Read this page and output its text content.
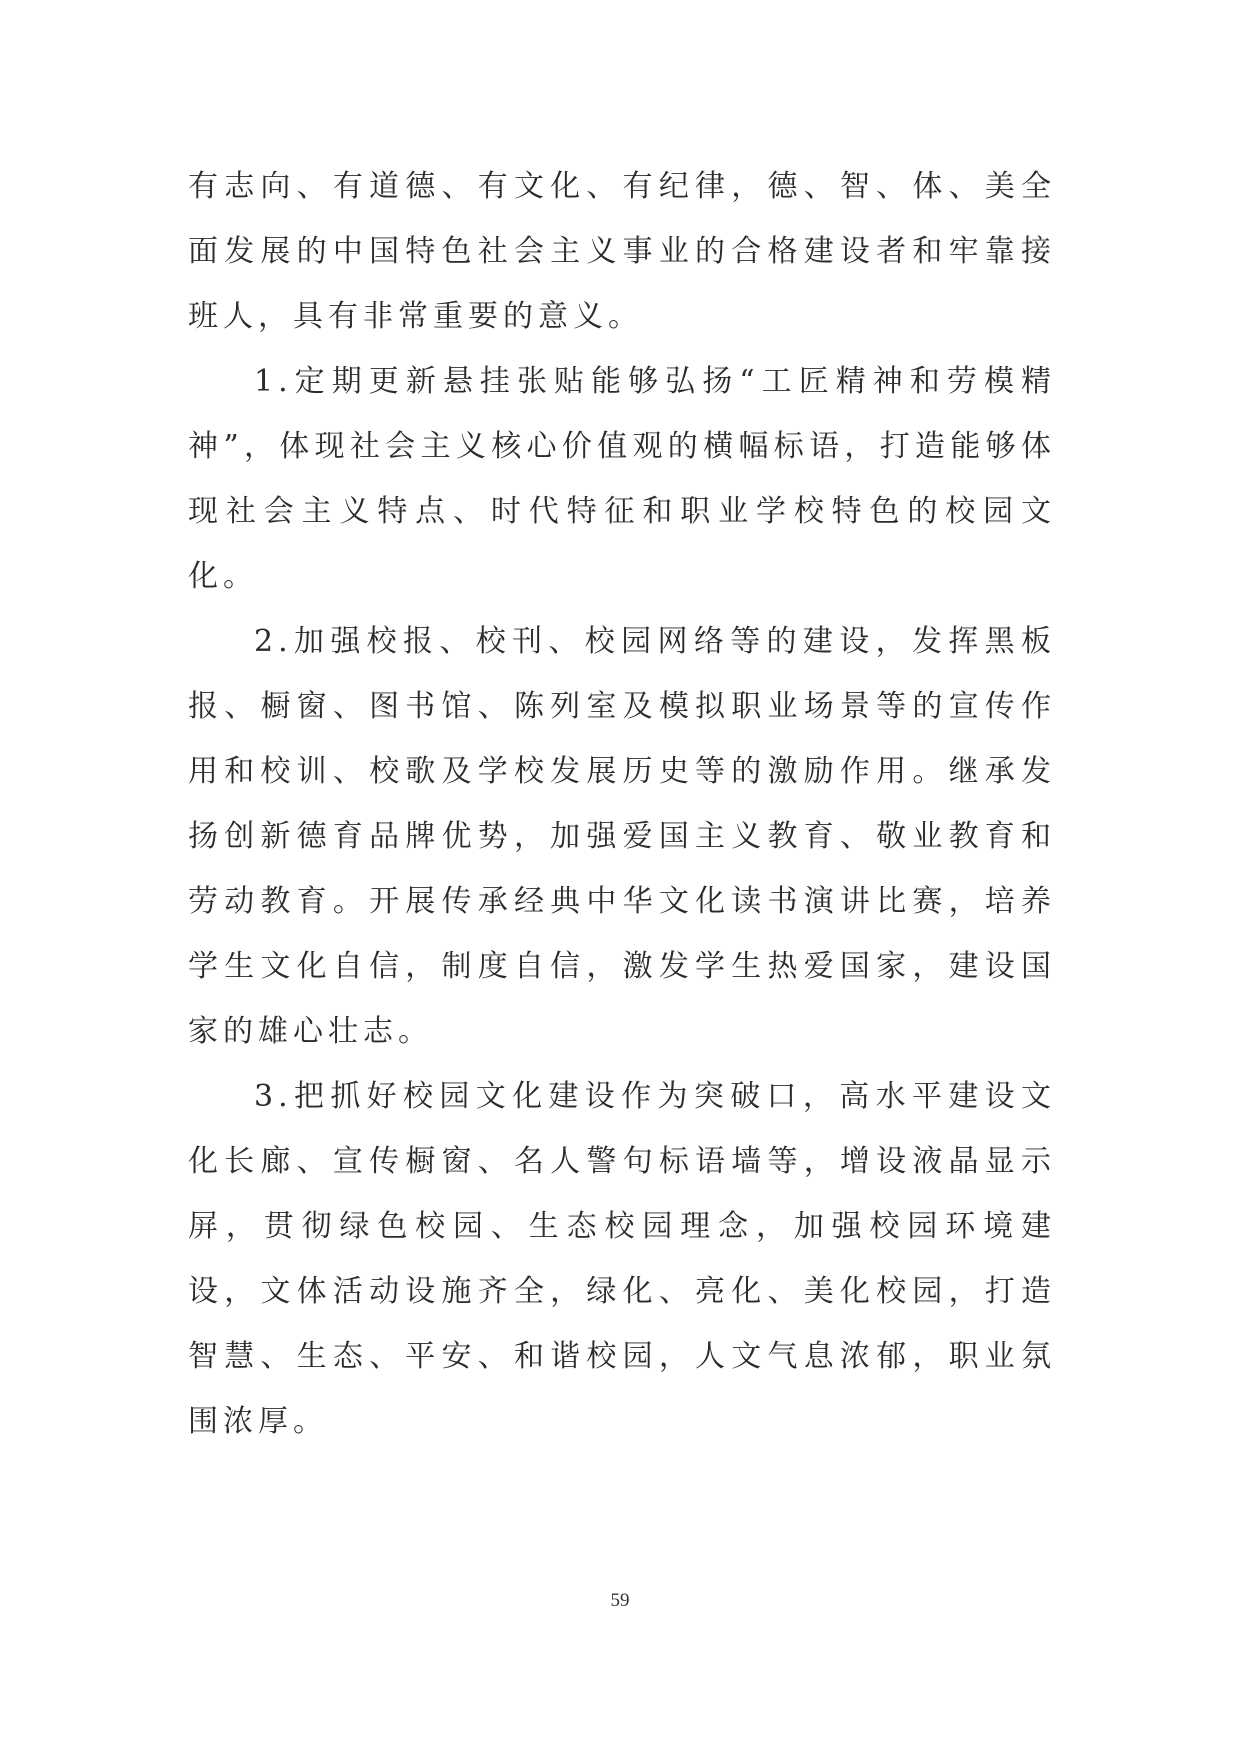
有志向、有道德、有文化、有纪律，德、智、体、美全面发展的中国特色社会主义事业的合格建设者和牢靠接班人，具有非常重要的意义。

1.定期更新悬挂张贴能够弘扬“工匠精神和劳模精神”，体现社会主义核心价值观的横幅标语，打造能够体现社会主义特点、时代特征和职业学校特色的校园文化。

2.加强校报、校刊、校园网络等的建设，发挥黑板报、橱窗、图书馆、陈列室及模拟职业场景等的宣传作用和校训、校歌及学校发展历史等的激励作用。继承发扬创新德育品牌优势，加强爱国主义教育、敬业教育和劳动教育。开展传承经典中华文化读书演讲比赛，培养学生文化自信，制度自信，激发学生热爱国家，建设国家的雄心壮志。

3.把抓好校园文化建设作为突破口，高水平建设文化长廊、宣传橱窗、名人警句标语墙等，增设液晶显示屏，贯彻绿色校园、生态校园理念，加强校园环境建设，文体活动设施齐全，绿化、亮化、美化校园，打造智慧、生态、平安、和谐校园，人文气息浓郁，职业氛围浓厚。

59
